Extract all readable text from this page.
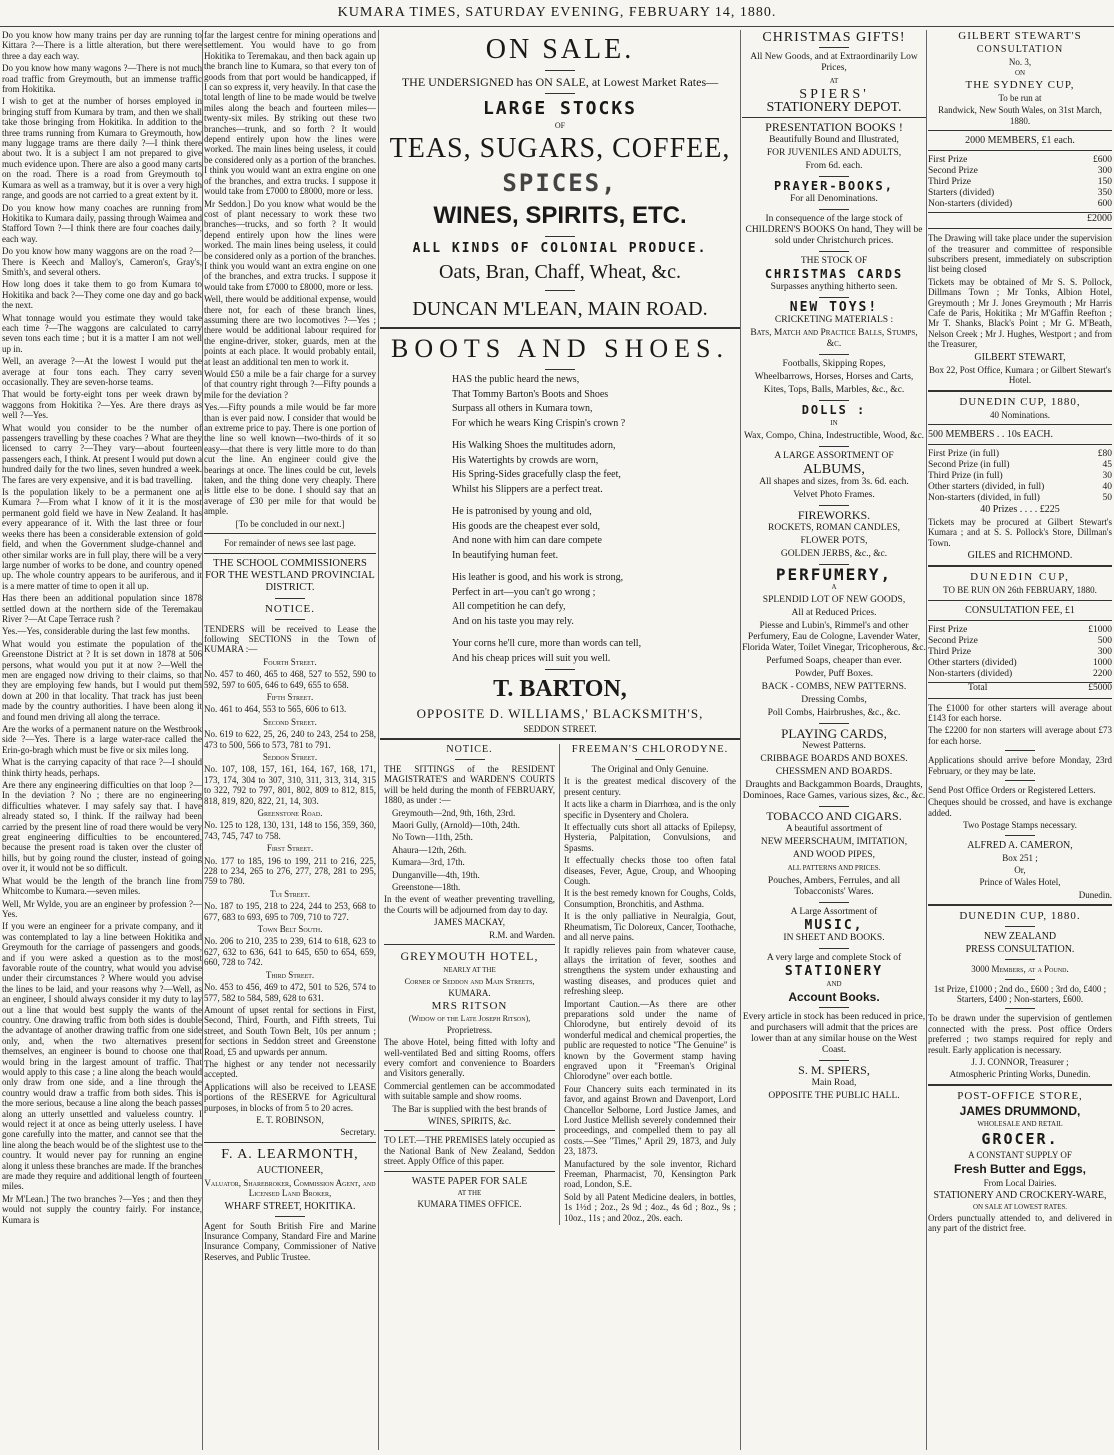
KUMARA TIMES, SATURDAY EVENING, FEBRUARY 14, 1880.

Do you know how many trains per day are running to Kittara ?—There is a little alteration, but there were three a day each way.

Do you know how many wagons ?—There is not much road traffic from Greymouth, but an immense traffic from Hokitika.

I wish to get at the number of horses employed in bringing stuff from Kumara by tram, and then we shall take those bringing from Hokitika. In addition to the three trams running from Kumara to Greymouth, how many luggage trams are there daily ?—I think there about two. It is a subject I am not prepared to give much evidence upon. There are also a good many carts on the road. There is a road from Greymouth to Kumara as well as a tramway, but it is over a very high range, and goods are not carried to a great extent by it.

Do you know how many coaches are running from Hokitika to Kumara daily, passing through Waimea and Stafford Town ?—I think there are four coaches daily, each way.

Do you know how many waggons are on the road ?—There is Keech and Malloy's, Cameron's, Gray's, Smith's, and several others.

How long does it take them to go from Kumara to Hokitika and back ?—They come one day and go back the next.

What tonnage would you estimate they would take each time ?—The waggons are calculated to carry seven tons each time ; but it is a matter I am not well up in.

Well, an average ?—At the lowest I would put the average at four tons each. They carry seven occasionally. They are seven-horse teams.

That would be forty-eight tons per week drawn by waggons from Hokitika ?—Yes. Are there drays as well ?—Yes.

What would you consider to be the number of passengers travelling by these coaches ? What are they licensed to carry ?—They vary—about fourteen passengers each, I think. At present I would put down a hundred daily for the two lines, seven hundred a week. The fares are very expensive, and it is bad travelling.

Is the population likely to be a permanent one at Kumara ?—From what I know of it it is the most permanent gold field we have in New Zealand. It has every appearance of it. With the last three or four weeks there has been a considerable extension of gold field, and when the Government sludge-channel and other similar works are in full play, there will be a very large number of works to be done, and country opened up. The whole country appears to be auriferous, and it is a mere matter of time to open it all up.

Has there been an additional population since 1878 settled down at the northern side of the Teremakau River ?—At Cape Terrace rush ?

Yes.—Yes, considerable during the last few months.

What would you estimate the population of the Greenstone District at ? It is set down in 1878 at 506 persons, what would you put it at now ?—Well the men are engaged now driving to their claims, so that they are employing few hands, but I would put them down at 200 in that locality. That track has just been made by the country authorities. I have been along it and found men driving all along the terrace.

Are the works of a permanent nature on the Westbrook side ?—Yes. There is a large water-race called the Erin-go-bragh which must be five or six miles long.

What is the carrying capacity of that race ?—I should think thirty heads, perhaps.

Are there any engineering difficulties on that loop ?—In the deviation ? No ; there are no engineering difficulties whatever. I may safely say that. I have already stated so, I think. If the railway had been carried by the present line of road there would be very great engineering difficulties to be encountered, because the present road is taken over the cluster of hills, but by going round the cluster, instead of going over it, it would not be so difficult.

What would be the length of the branch line from Whitcombe to Kumara.—seven miles.

Well, Mr Wylde, you are an engineer by profession ?—Yes.

If you were an engineer for a private company, and it was contemplated to lay a line between Hokitika and Greymouth for the carriage of passengers and goods, and if you were asked a question as to the most favorable route of the country, what would you advise under their circumstances ? Where would you advise the lines to be laid, and your reasons why ?—Well, as an engineer, I should always consider it my duty to lay out a line that would best supply the wants of the country. One drawing traffic from both sides is double the advantage of another drawing traffic from one side only, and, when the two alternatives present themselves, an engineer is bound to choose one that would bring in the largest amount of traffic. That would apply to this case ; a line along the beach would only draw from one side, and a line through the country would draw a traffic from both sides. This is the more serious, because a line along the beach passes along an utterly unsettled and valueless country. I would reject it at once as being utterly useless. I have gone carefully into the matter, and cannot see that the line along the beach would be of the slightest use to the country. It would never pay for running an engine along it unless these branches are made. If the branches are made they require and additional length of fourteen miles.

Mr M'Lean.] The two branches ?—Yes ; and then they would not supply the country fairly. For instance, Kumara is

far the largest centre for mining operations and settlement. You would have to go from Hokitika to Teremakau, and then back again up the branch line to Kumara, so that every ton of goods from that port would be handicapped, if I can so express it, very heavily. In that case the total length of line to be made would be twelve miles along the beach and fourteen miles—twenty-six miles. By striking out these two branches—trunk, and so forth ? It would depend entirely upon how the lines were worked. The main lines being useless, it could be considered only as a portion of the branches. I think you would want an extra engine on one of the branches, and extra trucks. I suppose it would take from £7000 to £8000, more or less.

Mr Seddon.] Do you know what would be the cost of plant necessary to work these two branches—trucks, and so forth ? It would depend entirely upon how the lines were worked. The main lines being useless, it could be considered only as a portion of the branches. I think you would want an extra engine on one of the branches, and extra trucks. I suppose it would take from £7000 to £8000, more or less.

Well, there would be additional expense, would there not, for each of these branch lines, assuming there are two locomotives ?—Yes ; there would be additional labour required for the engine-driver, stoker, guards, men at the points at each place. It would probably entail, at least an additional ten men to work it.

Would £50 a mile be a fair charge for a survey of that country right through ?—Fifty pounds a mile for the deviation ?

Yes.—Fifty pounds a mile would be far more than is ever paid now. I consider that would be an extreme price to pay. There is one portion of the line so well known—two-thirds of it so easy—that there is very little more to do than cut the line. An engineer could give the bearings at once. The lines could be cut, levels taken, and the thing done very cheaply. There is little else to be done. I should say that an average of £30 per mile for that would be ample.

[To be concluded in our next.]

For remainder of news see last page.

THE SCHOOL COMMISSIONERS FOR THE WESTLAND PROVINCIAL DISTRICT.

NOTICE.

TENDERS will be received to Lease the following SECTIONS in the Town of KUMARA :—

Fourth Street.

No. 457 to 460, 465 to 468, 527 to 552, 590 to 592, 597 to 605, 646 to 649, 655 to 658.

Fifth Street.

No. 461 to 464, 553 to 565, 606 to 613.

Second Street.

No. 619 to 622, 25, 26, 240 to 243, 254 to 258, 473 to 500, 566 to 573, 781 to 791.

Seddon Street.

No. 107, 108, 157, 161, 164, 167, 168, 171, 173, 174, 304 to 307, 310, 311, 313, 314, 315 to 322, 792 to 797, 801, 802, 809 to 812, 815, 818, 819, 820, 822, 21, 14, 303.

Greenstone Road.

No. 125 to 128, 130, 131, 148 to 156, 359, 360, 743, 745, 747 to 758.

First Street.

No. 177 to 185, 196 to 199, 211 to 216, 225, 228 to 234, 265 to 276, 277, 278, 281 to 295, 759 to 780.

Tui Street.

No. 187 to 195, 218 to 224, 244 to 253, 668 to 677, 683 to 693, 695 to 709, 710 to 727.

Town Belt South.

No. 206 to 210, 235 to 239, 614 to 618, 623 to 627, 632 to 636, 641 to 645, 650 to 654, 659, 660, 728 to 742.

Third Street.

No. 453 to 456, 469 to 472, 501 to 526, 574 to 577, 582 to 584, 589, 628 to 631.

Amount of upset rental for sections in First, Second, Third, Fourth, and Fifth streets, Tui street, and South Town Belt, 10s per annum ; for sections in Seddon street and Greenstone Road, £5 and upwards per annum.

The highest or any tender not necessarily accepted.

Applications will also be received to LEASE portions of the RESERVE for Agricultural purposes, in blocks of from 5 to 20 acres.

E. T. ROBINSON,

Secretary.

F. A. LEARMONTH,

AUCTIONEER,

Valuator, Sharebroker, Commission Agent, and Licensed Land Broker,

WHARF STREET, HOKITIKA.

Agent for South British Fire and Marine Insurance Company, Standard Fire and Marine Insurance Company, Commissioner of Native Reserves, and Public Trustee.

ON SALE.

THE UNDERSIGNED has ON SALE, at Lowest Market Rates—

LARGE STOCKS

OF

TEAS, SUGARS, COFFEE,

SPICES,

WINES, SPIRITS, ETC.

ALL KINDS OF COLONIAL PRODUCE.

Oats, Bran, Chaff, Wheat, &c.

DUNCAN M'LEAN, MAIN ROAD.

BOOTS AND SHOES.

HAS the public heard the news,

That Tommy Barton's Boots and Shoes

Surpass all others in Kumara town,

For which he wears King Crispin's crown ?

His Walking Shoes the multitudes adorn,

His Watertights by crowds are worn,

His Spring-Sides gracefully clasp the feet,

Whilst his Slippers are a perfect treat.

He is patronised by young and old,

His goods are the cheapest ever sold,

And none with him can dare compete

In beautifying human feet.

His leather is good, and his work is strong,

Perfect in art—you can't go wrong ;

All competition he can defy,

And on his taste you may rely.

Your corns he'll cure, more than words can tell,

And his cheap prices will suit you well.

T. BARTON,

OPPOSITE D. WILLIAMS,' BLACKSMITH'S,

SEDDON STREET.

NOTICE.

THE SITTINGS of the RESIDENT MAGISTRATE'S and WARDEN'S COURTS will be held during the month of FEBRUARY, 1880, as under :—

Greymouth—2nd, 9th, 16th, 23rd.

Maori Gully, (Arnold)—10th, 24th.

No Town—11th, 25th.

Ahaura—12th, 26th.

Kumara—3rd, 17th.

Dunganville—4th, 19th.

Greenstone—18th.

In the event of weather preventing travelling, the Courts will be adjourned from day to day.

JAMES MACKAY,

R.M. and Warden.

GREYMOUTH HOTEL,

NEARLY AT THE

Corner of Seddon and Main Streets,

KUMARA.

MRS RITSON

(Widow of the Late Joseph Ritson),

Proprietress.

The above Hotel, being fitted with lofty and well-ventilated Bed and sitting Rooms, offers every comfort and convenience to Boarders and Visitors generally.

Commercial gentlemen can be accommodated with suitable sample and show rooms.

The Bar is supplied with the best brands of

WINES, SPIRITS, &c.

TO LET.—THE PREMISES lately occupied as the National Bank of New Zealand, Seddon street. Apply Office of this paper.

WASTE PAPER FOR SALE

AT THE

KUMARA TIMES OFFICE.

FREEMAN'S CHLORODYNE.

The Original and Only Genuine.

It is the greatest medical discovery of the present century.

It acts like a charm in Diarrhœa, and is the only specific in Dysentery and Cholera.

It effectually cuts short all attacks of Epilepsy, Hysteria, Palpitation, Convulsions, and Spasms.

It effectually checks those too often fatal diseases, Fever, Ague, Croup, and Whooping Cough.

It is the best remedy known for Coughs, Colds, Consumption, Bronchitis, and Asthma.

It is the only palliative in Neuralgia, Gout, Rheumatism, Tic Doloreux, Cancer, Toothache, and all nerve pains.

It rapidly relieves pain from whatever cause, allays the irritation of fever, soothes and strengthens the system under exhausting and wasting diseases, and produces quiet and refreshing sleep.

Important Caution.—As there are other preparations sold under the name of Chlorodyne, but entirely devoid of its wonderful medical and chemical properties, the public are requested to notice "The Genuine" is known by the Goverment stamp having engraved upon it "Freeman's Original Chlorodyne" over each bottle.

Four Chancery suits each terminated in its favor, and against Brown and Davenport, Lord Chancellor Selborne, Lord Justice James, and Lord Justice Mellish severely condemned their proceedings, and compelled them to pay all costs.—See "Times," April 29, 1873, and July 23, 1873.

Manufactured by the sole inventor, Richard Freeman, Pharmacist, 70, Kensington Park road, London, S.E.

Sold by all Patent Medicine dealers, in bottles, 1s 1½d ; 2oz., 2s 9d ; 4oz., 4s 6d ; 8oz., 9s ; 10oz., 11s ; and 20oz., 20s. each.

CHRISTMAS GIFTS!

All New Goods, and at Extraordinarily Low Prices,

AT

SPIERS'

STATIONERY DEPOT.

PRESENTATION BOOKS !

Beautifully Bound and Illustrated,

FOR JUVENILES AND ADULTS,

From 6d. each.

PRAYER-BOOKS,

For all Denominations.

In consequence of the large stock of CHILDREN'S BOOKS On hand, They will be sold under Christchurch prices.

THE STOCK OF

CHRISTMAS CARDS

Surpasses anything hitherto seen.

NEW TOYS!

CRICKETING MATERIALS :

Bats, Match and Practice Balls, Stumps, &c.

Footballs, Skipping Ropes,

Wheelbarrows, Horses, Horses and Carts,

Kites, Tops, Balls, Marbles, &c., &c.

DOLLS :

IN

Wax, Compo, China, Indestructible, Wood, &c.

A LARGE ASSORTMENT OF

ALBUMS,

All shapes and sizes, from 3s. 6d. each.

Velvet Photo Frames.

FIREWORKS.

ROCKETS, ROMAN CANDLES,

FLOWER POTS,

GOLDEN JERBS, &c., &c.

PERFUMERY,

A

SPLENDID LOT OF NEW GOODS,

All at Reduced Prices.

Piesse and Lubin's, Rimmel's and other Perfumery, Eau de Cologne, Lavender Water, Florida Water, Toilet Vinegar, Tricopherous, &c.

Perfumed Soaps, cheaper than ever.

Powder, Puff Boxes.

BACK - COMBS, NEW PATTERNS.

Dressing Combs,

Poll Combs, Hairbrushes, &c., &c.

PLAYING CARDS,

Newest Patterns.

CRIBBAGE BOARDS AND BOXES.

CHESSMEN AND BOARDS.

Draughts and Backgammon Boards, Draughts, Dominoes, Race Games, various sizes, &c., &c.

TOBACCO AND CIGARS.

A beautiful assortment of

NEW MEERSCHAUM, IMITATION,

AND WOOD PIPES,

ALL PATTERNS AND PRICES.

Pouches, Ambers, Ferrules, and all Tobacconists' Wares.

A Large Assortment of

MUSIC,

IN SHEET AND BOOKS.

A very large and complete Stock of

STATIONERY

AND

Account Books.

Every article in stock has been reduced in price, and purchasers will admit that the prices are lower than at any similar house on the West Coast.

S. M. SPIERS,

Main Road,

OPPOSITE THE PUBLIC HALL.

GILBERT STEWART'S

CONSULTATION

No. 3,

ON

THE SYDNEY CUP,

To be run at

Randwick, New South Wales, on 31st March, 1880.

2000 MEMBERS, £1 each.

First Prize	£600
Second Prize	300
Third Prize	150
Starters (divided)	350
Non-starters (divided)	600

£2000

The Drawing will take place under the supervision of the treasurer and committee of responsible subscribers present, immediately on subscription list being closed

Tickets may be obtained of Mr S. S. Pollock, Dillmans Town ; Mr Tonks, Albion Hotel, Greymouth ; Mr J. Jones Greymouth ; Mr Harris Cafe de Paris, Hokitika ; Mr M'Gaffin Reefton ; Mr T. Shanks, Black's Point ; Mr G. M'Beath, Nelson Creek ; Mr J. Hughes, Westport ; and from the Treasurer,

GILBERT STEWART,

Box 22, Post Office, Kumara ; or Gilbert Stewart's Hotel.

DUNEDIN CUP, 1880,

40 Nominations.

500 MEMBERS . . 10s EACH.

First Prize (in full)	£80
Second Prize (in full)	45
Third Prize (in full)	30
Other starters (divided, in full)	40
Non-starters (divided, in full)	50

40 Prizes . . . . £225

Tickets may be procured at Gilbert Stewart's Kumara ; and at S. S. Pollock's Store, Dillman's Town.

GILES and RICHMOND.

DUNEDIN CUP,

TO BE RUN ON 26th FEBRUARY, 1880.

CONSULTATION FEE, £1

First Prize	£1000
Second Prize	500
Third Prize	300
Other starters (divided)	1000
Non-starters (divided)	2200
Total	£5000

The £1000 for other starters will average about £143 for each horse.

The £2200 for non starters will average about £73 for each horse.

Applications should arrive before Monday, 23rd February, or they may be late.

Send Post Office Orders or Registered Letters.

Cheques should be crossed, and have is exchange added.

Two Postage Stamps necessary.

ALFRED A. CAMERON,

Box 251 ;

Or,

Prince of Wales Hotel,

Dunedin.

DUNEDIN CUP, 1880.

NEW ZEALAND

PRESS CONSULTATION.

3000 Members, at a Pound.

1st Prize, £1000 ; 2nd do., £600 ; 3rd do, £400 ; Starters, £400 ; Non-starters, £600.

To be drawn under the supervision of gentlemen connected with the press. Post office Orders preferred ; two stamps required for reply and result. Early application is necessary.

J. J. CONNOR, Treasurer ;

Atmospheric Printing Works, Dunedin.

POST-OFFICE STORE,

JAMES DRUMMOND,

WHOLESALE AND RETAIL

GROCER.

A CONSTANT SUPPLY OF

Fresh Butter and Eggs,

From Local Dairies.

STATIONERY AND CROCKERY-WARE,

ON SALE AT LOWEST RATES.

Orders punctually attended to, and delivered in any part of the district free.
